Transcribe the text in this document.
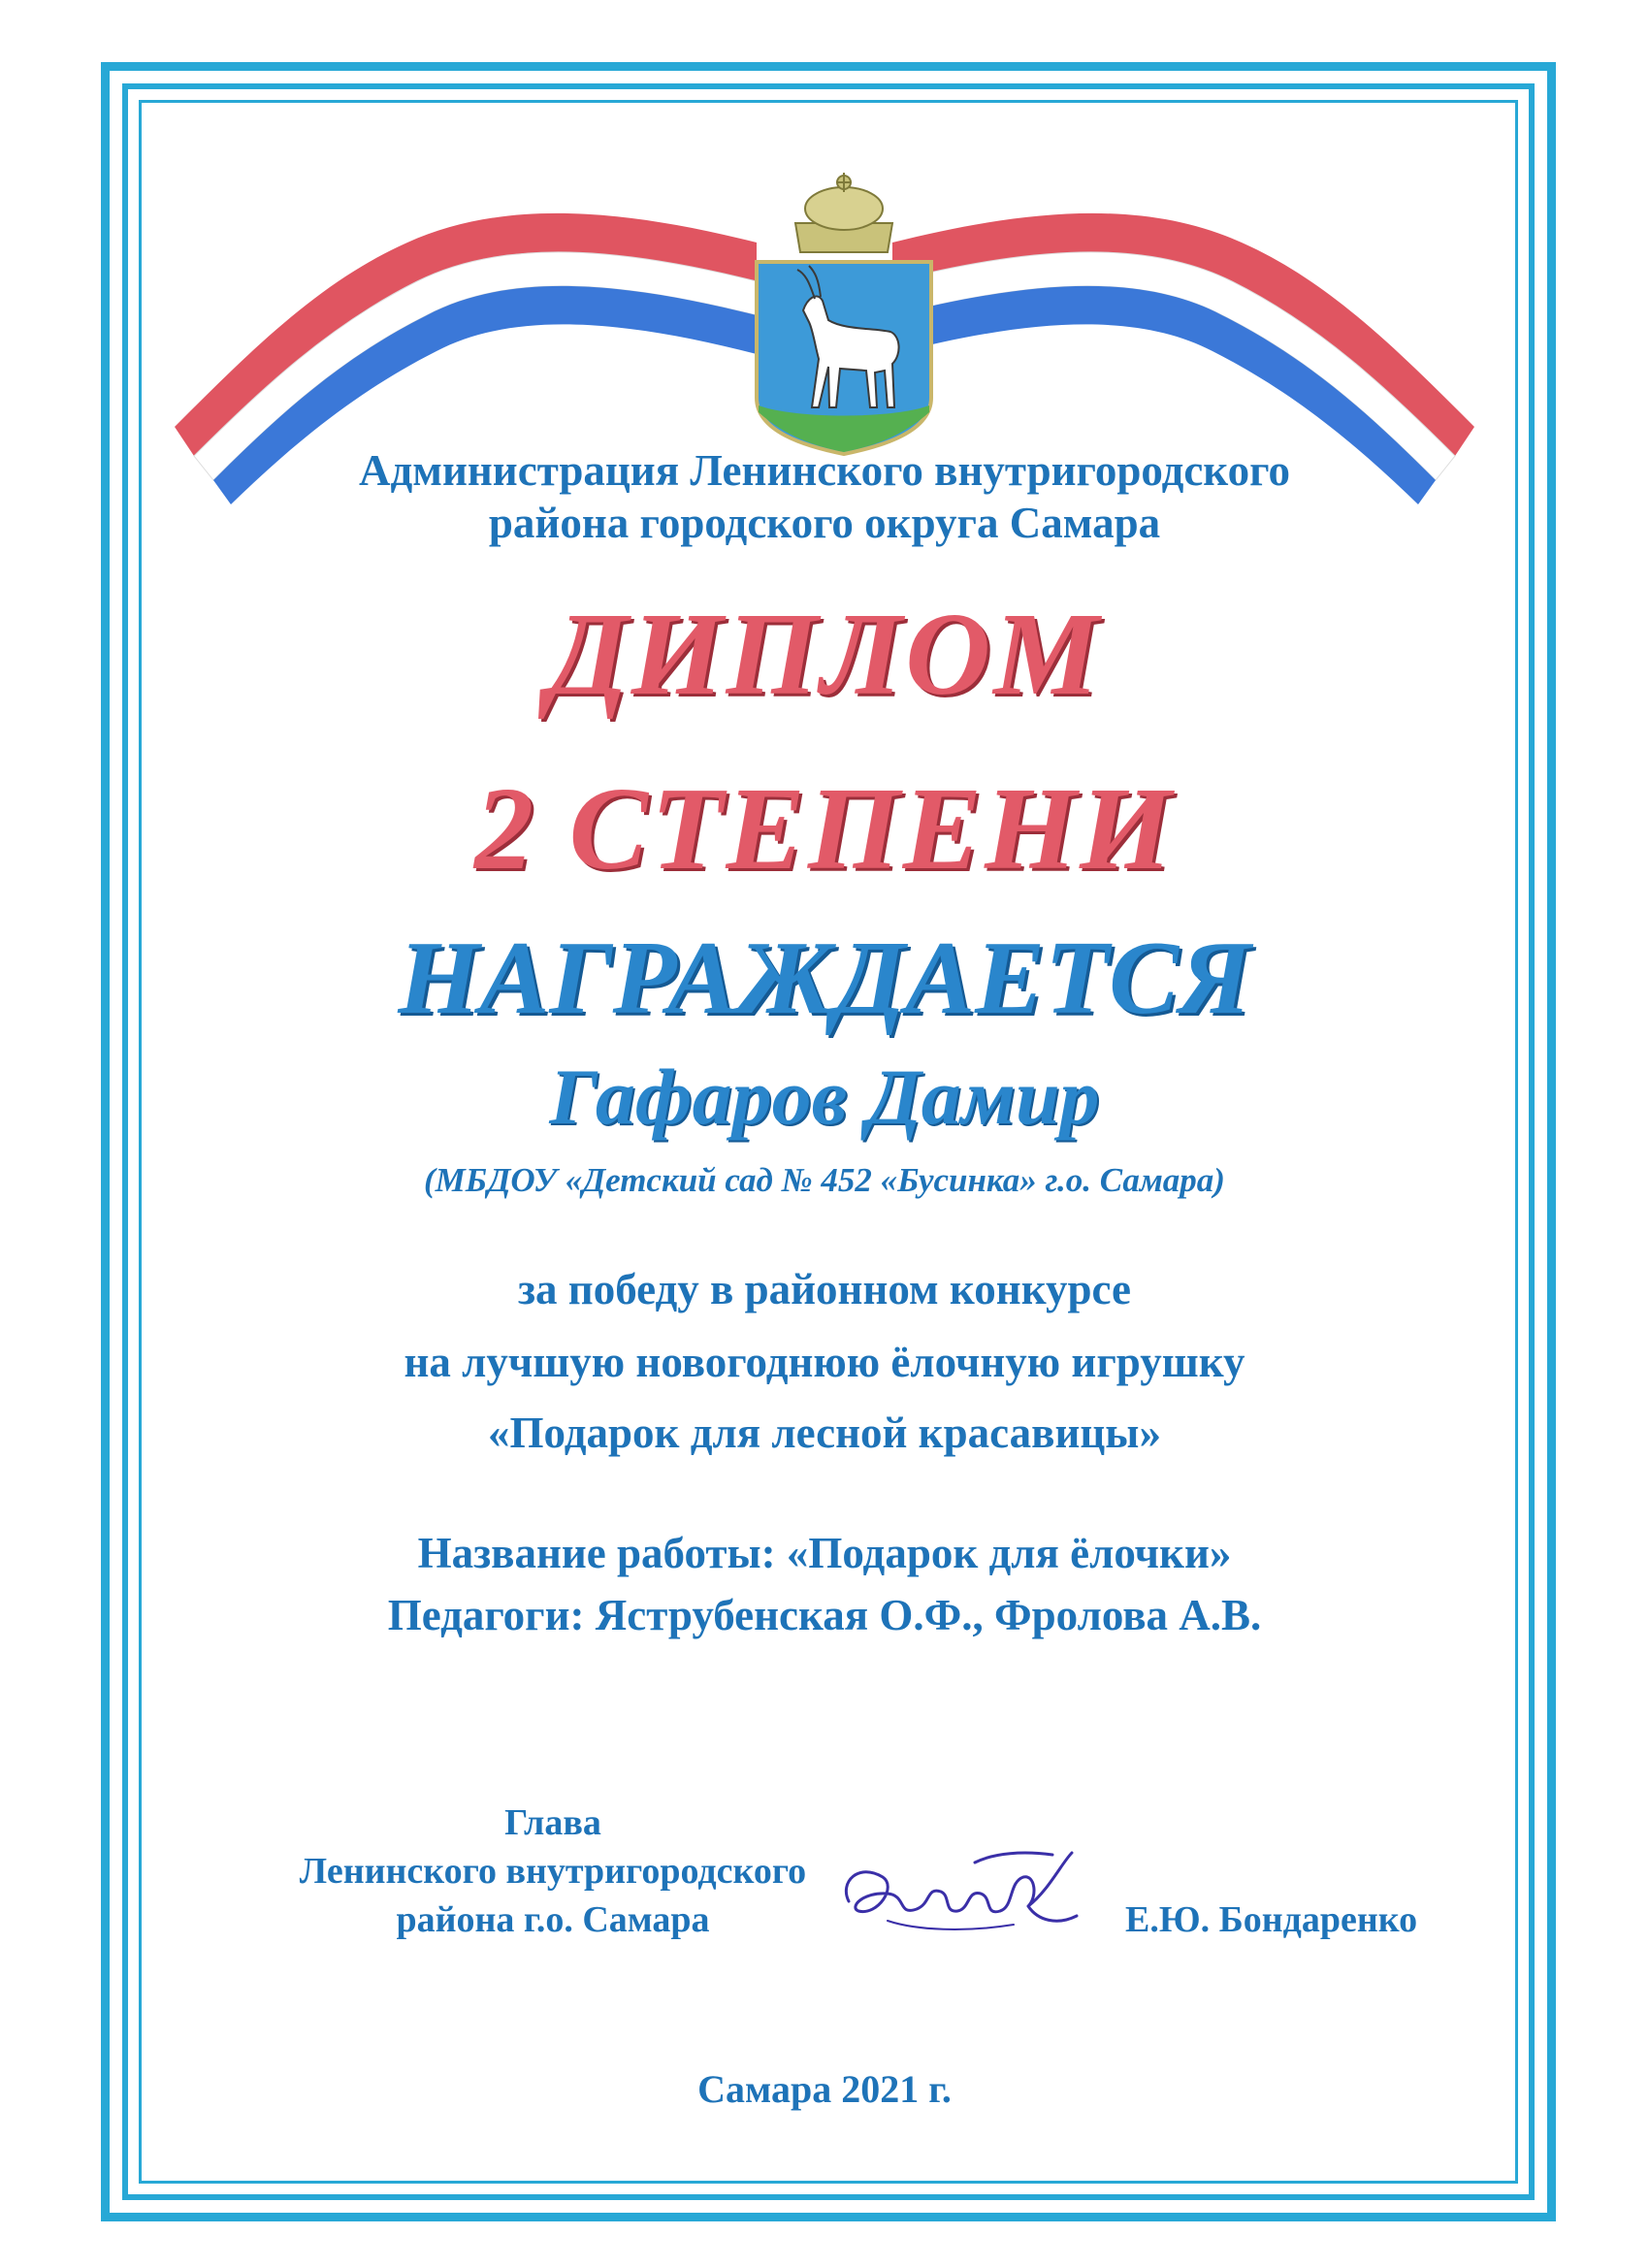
Администрация Ленинского внутригородского

района городского округа Самара

ДИПЛОМ

2 СТЕПЕНИ

НАГРАЖДАЕТСЯ

Гафаров Дамир

(МБДОУ «Детский сад № 452 «Бусинка» г.о. Самара)

за победу в районном конкурсе

на лучшую новогоднюю ёлочную игрушку

«Подарок для лесной красавицы»

Название работы: «Подарок для ёлочки»

Педагоги: Яструбенская О.Ф., Фролова А.В.

Глава

Ленинского внутригородского

района г.о. Самара	Е.Ю. Бондаренко

Самара 2021 г.
